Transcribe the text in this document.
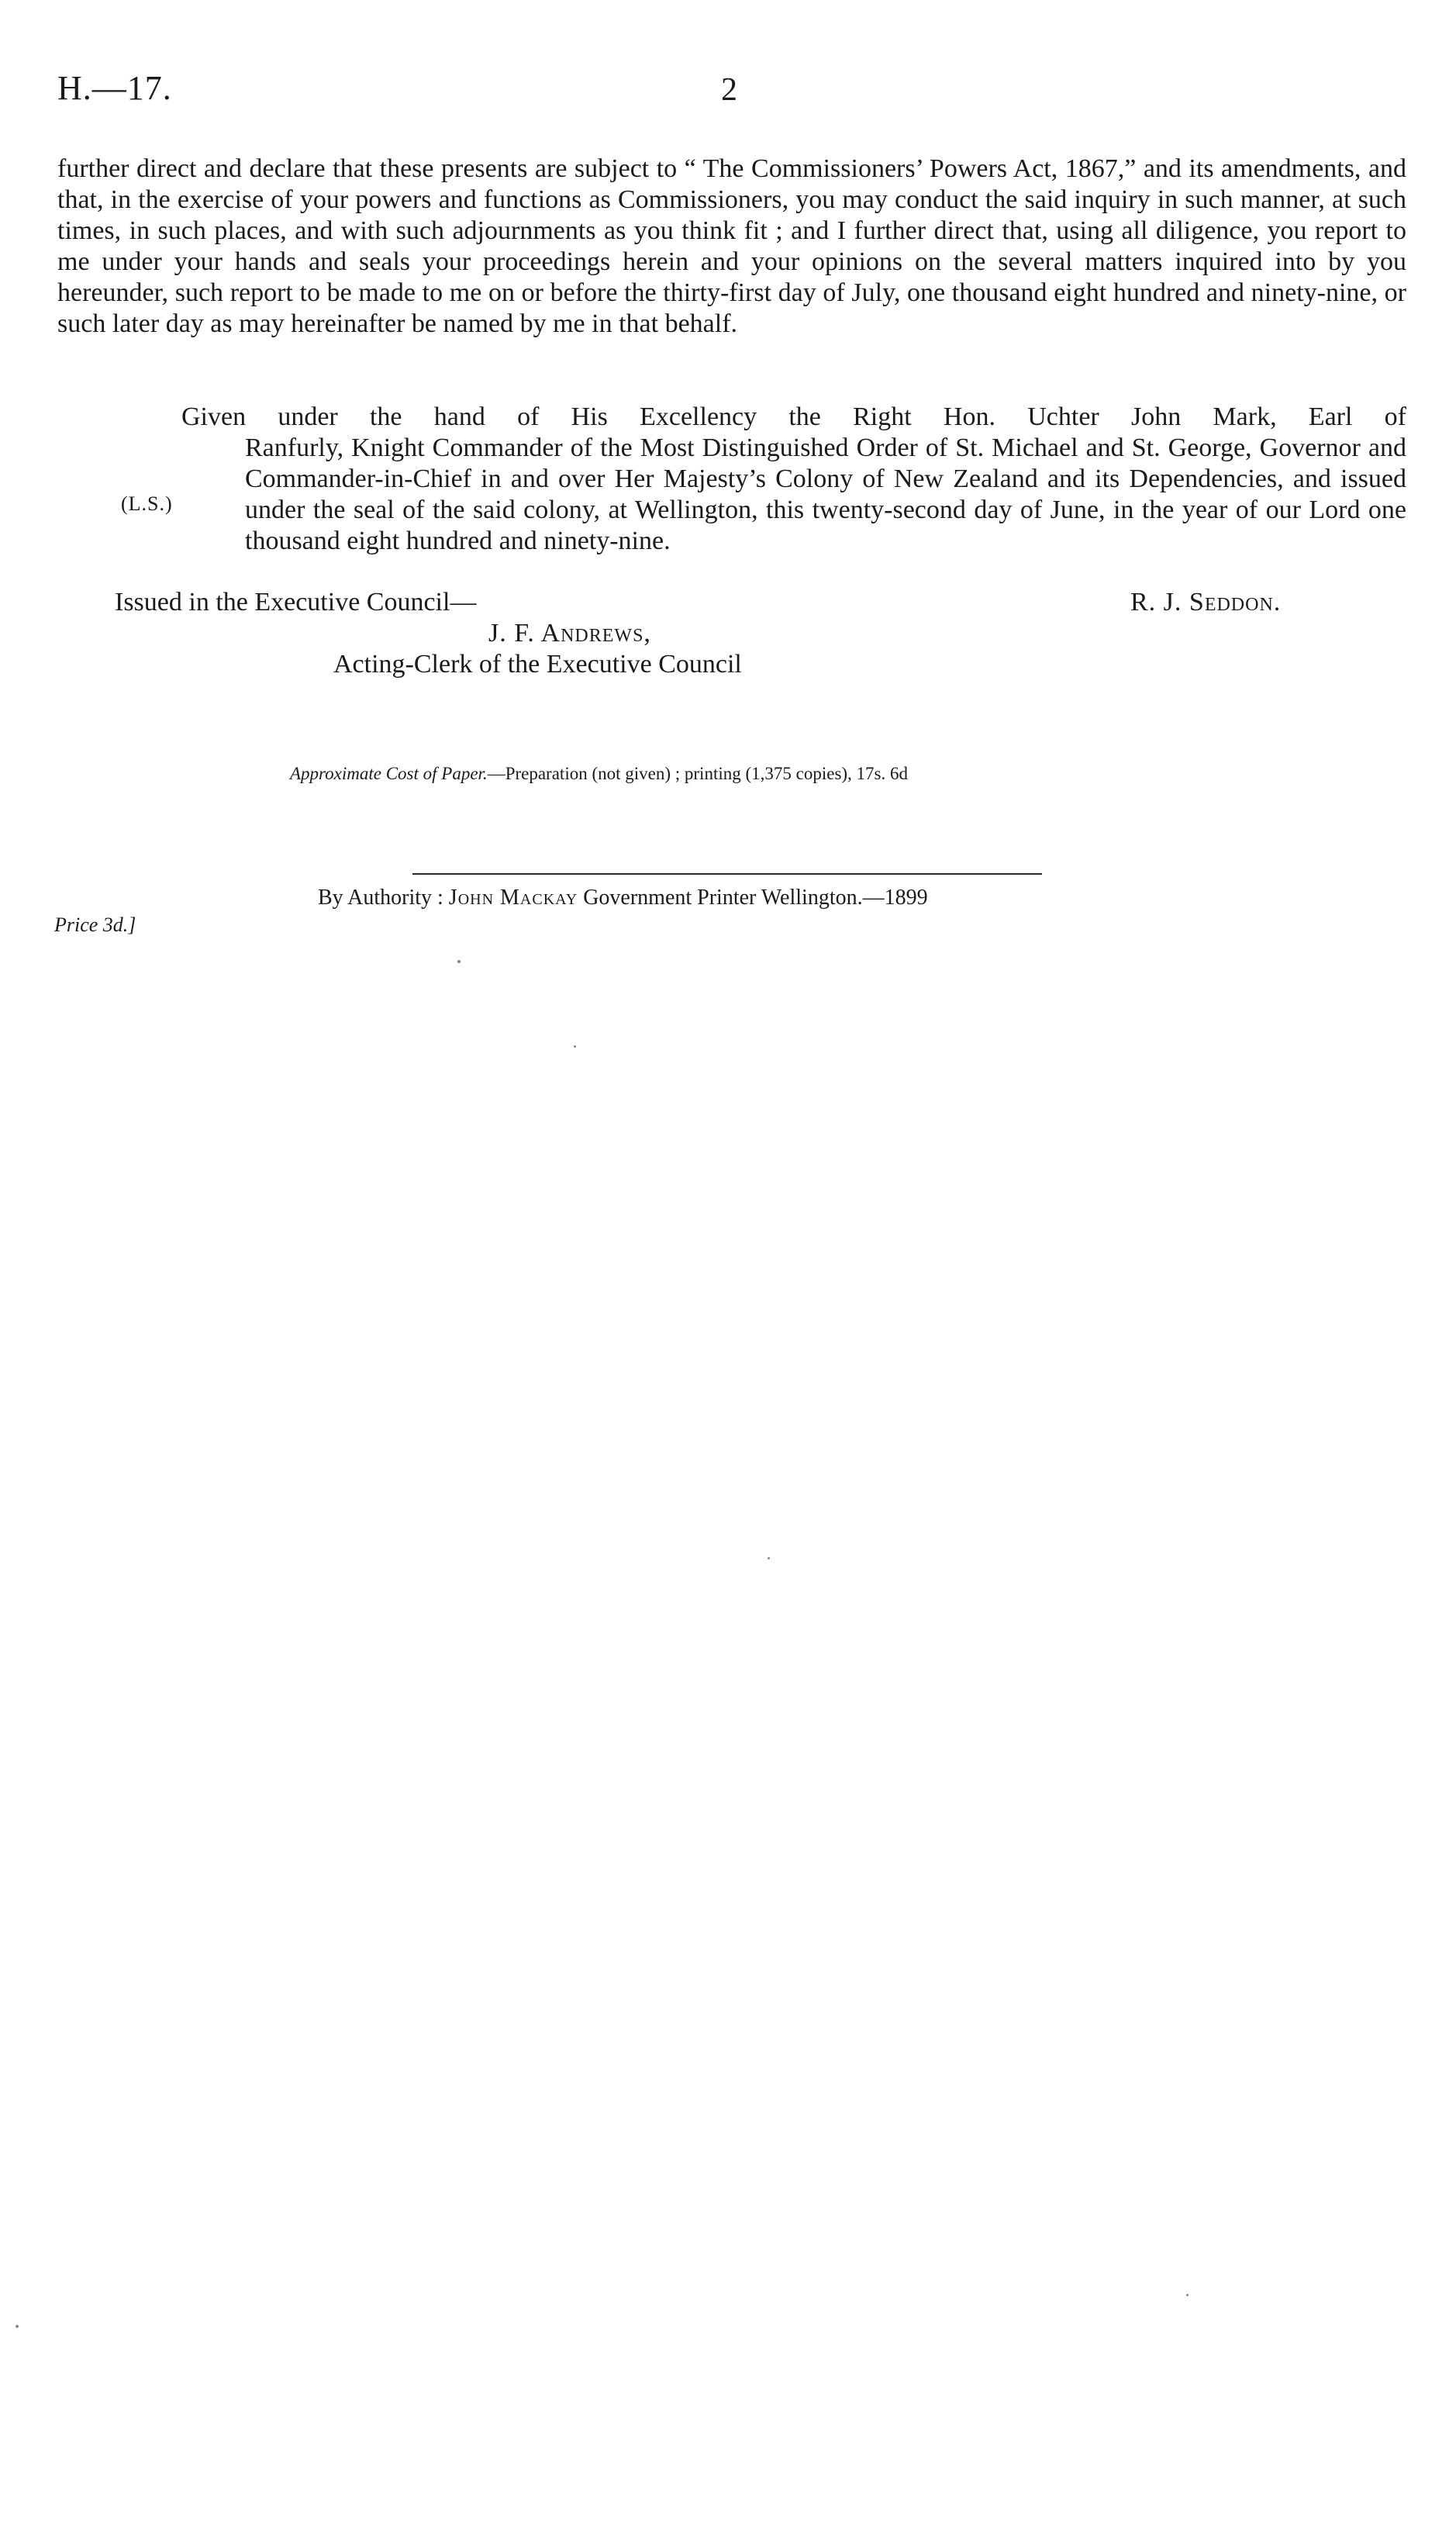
H.—17.	2
further direct and declare that these presents are subject to “ The Commissioners’ Powers Act, 1867,” and its amendments, and that, in the exercise of your powers and functions as Commissioners, you may conduct the said inquiry in such manner, at such times, in such places, and with such adjournments as you think fit ; and I further direct that, using all diligence, you report to me under your hands and seals your proceedings herein and your opinions on the several matters inquired into by you hereunder, such report to be made to me on or before the thirty-first day of July, one thousand eight hundred and ninety-nine, or such later day as may hereinafter be named by me in that behalf.
Given under the hand of His Excellency the Right Hon. Uchter John Mark, Earl of
Ranfurly, Knight Commander of the Most Distinguished Order of St. Michael and St. George, Governor and Commander-in-Chief in and over Her Majesty’s Colony of New Zealand and its Dependencies, and issued under the seal of the said colony, at Wellington, this twenty-second day of June, in the year of our Lord one thousand eight hundred and ninety-nine.
(L.S.)
Issued in the Executive Council—	R. J. Seddon.
J. F. Andrews,
Acting-Clerk of the Executive Council
Approximate Cost of Paper.—Preparation (not given) ; printing (1,375 copies), 17s. 6d
By Authority : John Mackay Government Printer Wellington.—1899
Price 3d.]
